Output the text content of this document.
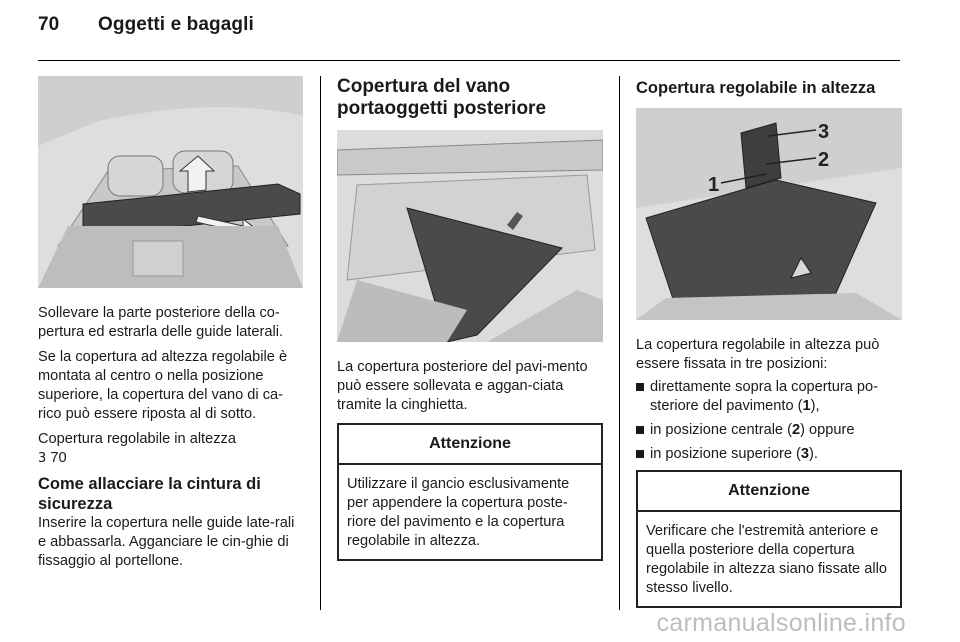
70 Oggetti e bagagli

Sollevare la parte posteriore della co-pertura ed estrarla delle guide laterali.

Se la copertura ad altezza regolabile è montata al centro o nella posizione superiore, la copertura del vano di ca-rico può essere riposta al di sotto.

Copertura regolabile in altezza
3 70

Come allacciare la cintura di sicurezza

Inserire la copertura nelle guide late-rali e abbassarla. Agganciare le cin-ghie di fissaggio al portellone.

Copertura del vano portaoggetti posteriore

La copertura posteriore del pavi-mento può essere sollevata e aggan-ciata tramite la cinghietta.

Attenzione
Utilizzare il gancio esclusivamente per appendere la copertura poste-riore del pavimento e la copertura regolabile in altezza.
Copertura regolabile in altezza
1
2
3

La copertura regolabile in altezza può essere fissata in tre posizioni:

direttamente sopra la copertura po-steriore del pavimento (1),
in posizione centrale (2) oppure
in posizione superiore (3).
Attenzione
Verificare che l'estremità anteriore e quella posteriore della copertura regolabile in altezza siano fissate allo stesso livello.
carmanualsonline.info
